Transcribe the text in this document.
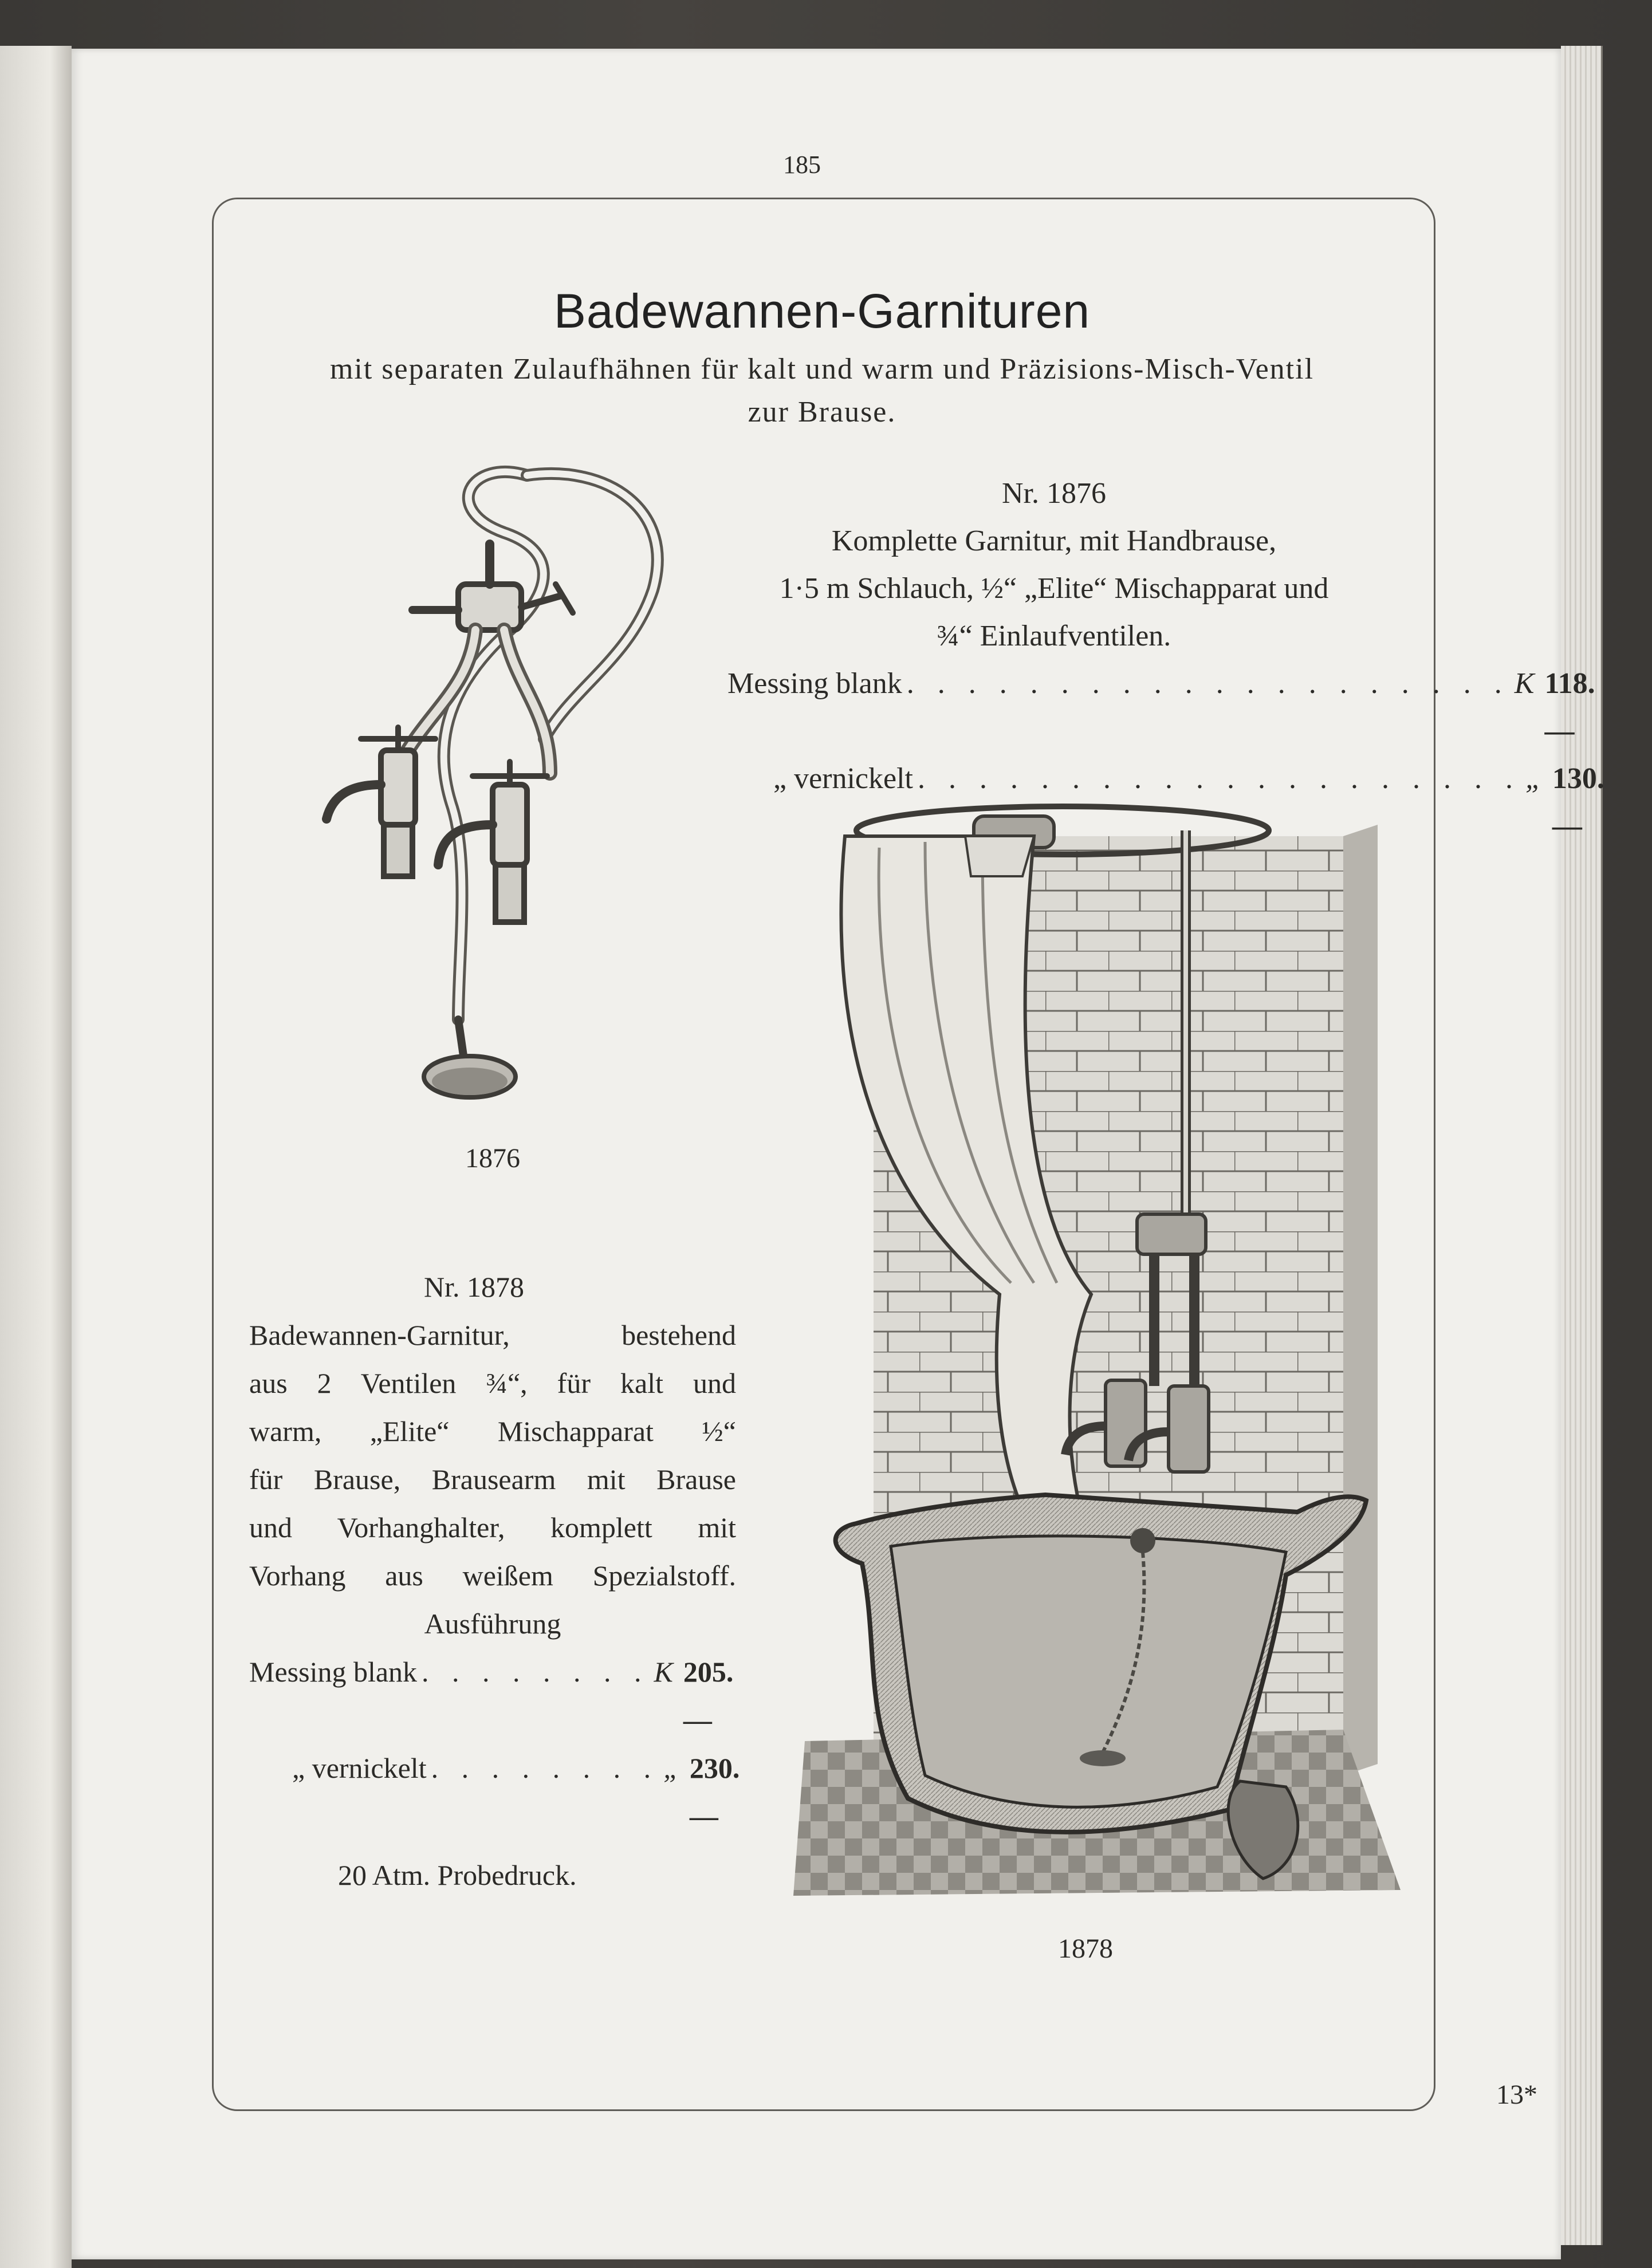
185
Badewannen-Garnituren
mit separaten Zulaufhähnen für kalt und warm und Präzisions-Misch-Ventil
zur Brause.
Nr. 1876
Komplette Garnitur, mit Handbrause,
1·5 m Schlauch, ½“ „Elite“ Mischapparat und
¾“ Einlaufventilen.
Messing blank . . . . . . . . . . . . . . . . . . . . K 118.—
„ vernickelt . . . . . . . . . . . . . . . . . . . . „ 130.—
1876
Nr. 1878
Badewannen-Garnitur, bestehend
aus 2 Ventilen ¾“, für kalt und
warm, „Elite“ Mischapparat ½“
für Brause, Brausearm mit Brause
und Vorhanghalter, komplett mit
Vorhang aus weißem Spezialstoff.
Ausführung
Messing blank . . . . . . . . K 205.—
„ vernickelt . . . . . . . . „ 230.—
20 Atm. Probedruck.
1878
13*
